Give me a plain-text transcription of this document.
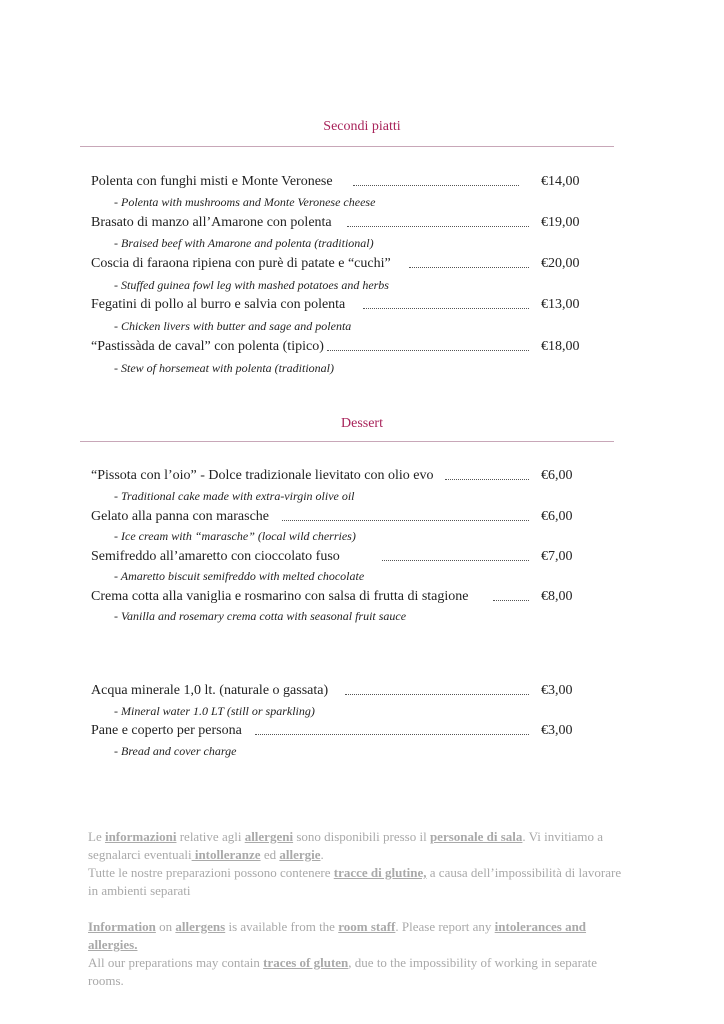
Secondi piatti
Polenta con funghi misti e Monte Veronese	€14,00
- Polenta with mushrooms and Monte Veronese cheese
Brasato di manzo all’Amarone con polenta	€19,00
- Braised beef with Amarone and polenta (traditional)
Coscia di faraona ripiena con purè di patate e “cuchi”	€20,00
- Stuffed guinea fowl leg with mashed potatoes and herbs
Fegatini di pollo al burro e salvia con polenta	€13,00
- Chicken livers with butter and sage and polenta
“Pastissàda de caval” con polenta (tipico)	€18,00
- Stew of horsemeat with polenta (traditional)
Dessert
“Pissota con l’oio” - Dolce tradizionale lievitato con olio evo	€6,00
- Traditional cake made with extra-virgin olive oil
Gelato alla panna con marasche	€6,00
- Ice cream with “marasche” (local wild cherries)
Semifreddo all’amaretto con cioccolato fuso	€7,00
- Amaretto biscuit semifreddo with melted chocolate
Crema cotta alla vaniglia e rosmarino con salsa di frutta di stagione	€8,00
- Vanilla and rosemary crema cotta with seasonal fruit sauce
Acqua minerale 1,0 lt. (naturale o gassata)	€3,00
- Mineral water 1.0 LT (still or sparkling)
Pane e coperto per persona	€3,00
- Bread and cover charge
Le informazioni relative agli allergeni sono disponibili presso il personale di sala. Vi invitiamo a segnalarci eventuali intolleranze ed allergie.
Tutte le nostre preparazioni possono contenere tracce di glutine, a causa dell’impossibilità di lavorare in ambienti separati
Information on allergens is available from the room staff. Please report any intolerances and allergies.
All our preparations may contain traces of gluten, due to the impossibility of working in separate rooms.
